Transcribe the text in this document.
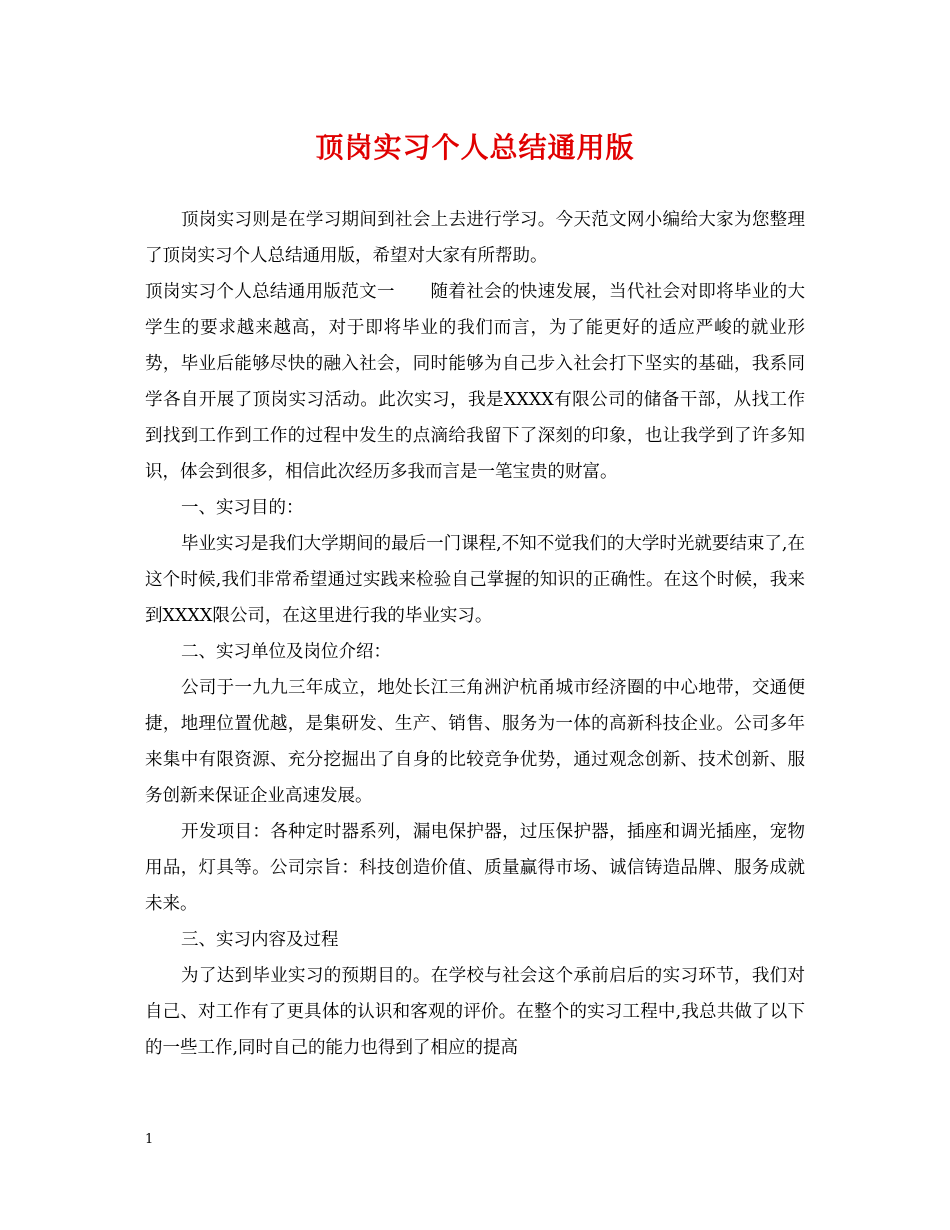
顶岗实习个人总结通用版

顶岗实习则是在学习期间到社会上去进行学习。今天范文网小编给大家为您整理了顶岗实习个人总结通用版，希望对大家有所帮助。

顶岗实习个人总结通用版范文一　　随着社会的快速发展，当代社会对即将毕业的大学生的要求越来越高，对于即将毕业的我们而言，为了能更好的适应严峻的就业形势，毕业后能够尽快的融入社会，同时能够为自己步入社会打下坚实的基础，我系同学各自开展了顶岗实习活动。此次实习，我是XXXX有限公司的储备干部，从找工作到找到工作到工作的过程中发生的点滴给我留下了深刻的印象，也让我学到了许多知识，体会到很多，相信此次经历多我而言是一笔宝贵的财富。

一、实习目的：

毕业实习是我们大学期间的最后一门课程,不知不觉我们的大学时光就要结束了,在这个时候,我们非常希望通过实践来检验自己掌握的知识的正确性。在这个时候，我来到XXXX限公司，在这里进行我的毕业实习。

二、实习单位及岗位介绍：

公司于一九九三年成立，地处长江三角洲沪杭甬城市经济圈的中心地带，交通便捷，地理位置优越，是集研发、生产、销售、服务为一体的高新科技企业。公司多年来集中有限资源、充分挖掘出了自身的比较竞争优势，通过观念创新、技术创新、服务创新来保证企业高速发展。

开发项目：各种定时器系列，漏电保护器，过压保护器，插座和调光插座，宠物用品，灯具等。公司宗旨：科技创造价值、质量赢得市场、诚信铸造品牌、服务成就未来。

三、实习内容及过程

为了达到毕业实习的预期目的。在学校与社会这个承前启后的实习环节，我们对自己、对工作有了更具体的认识和客观的评价。在整个的实习工程中,我总共做了以下的一些工作,同时自己的能力也得到了相应的提高

1
